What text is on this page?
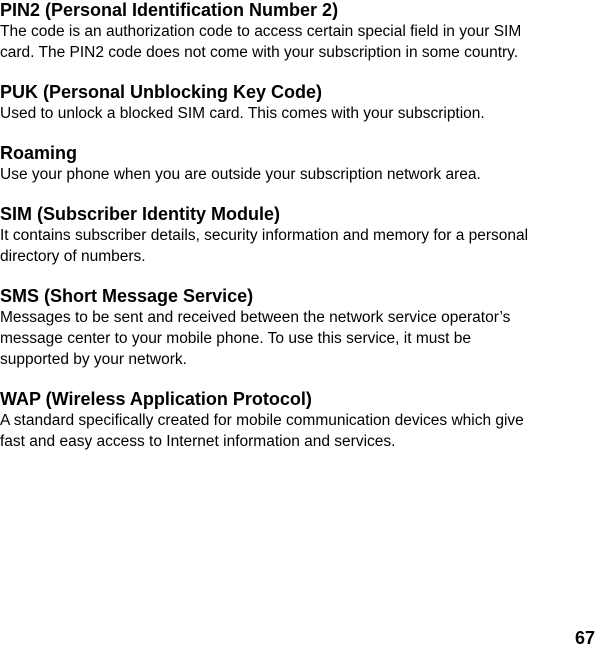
PIN2 (Personal Identification Number 2)

The code is an authorization code to access certain special field in your SIM
card. The PIN2 code does not come with your subscription in some country.

PUK (Personal Unblocking Key Code)

Used to unlock a blocked SIM card. This comes with your subscription.

Roaming

Use your phone when you are outside your subscription network area.

SIM (Subscriber Identity Module)

It contains subscriber details, security information and memory for a personal
directory of numbers.

SMS (Short Message Service)

Messages to be sent and received between the network service operator’s
message center to your mobile phone. To use this service, it must be
supported by your network.

WAP (Wireless Application Protocol)

A standard specifically created for mobile communication devices which give
fast and easy access to Internet information and services.

67
